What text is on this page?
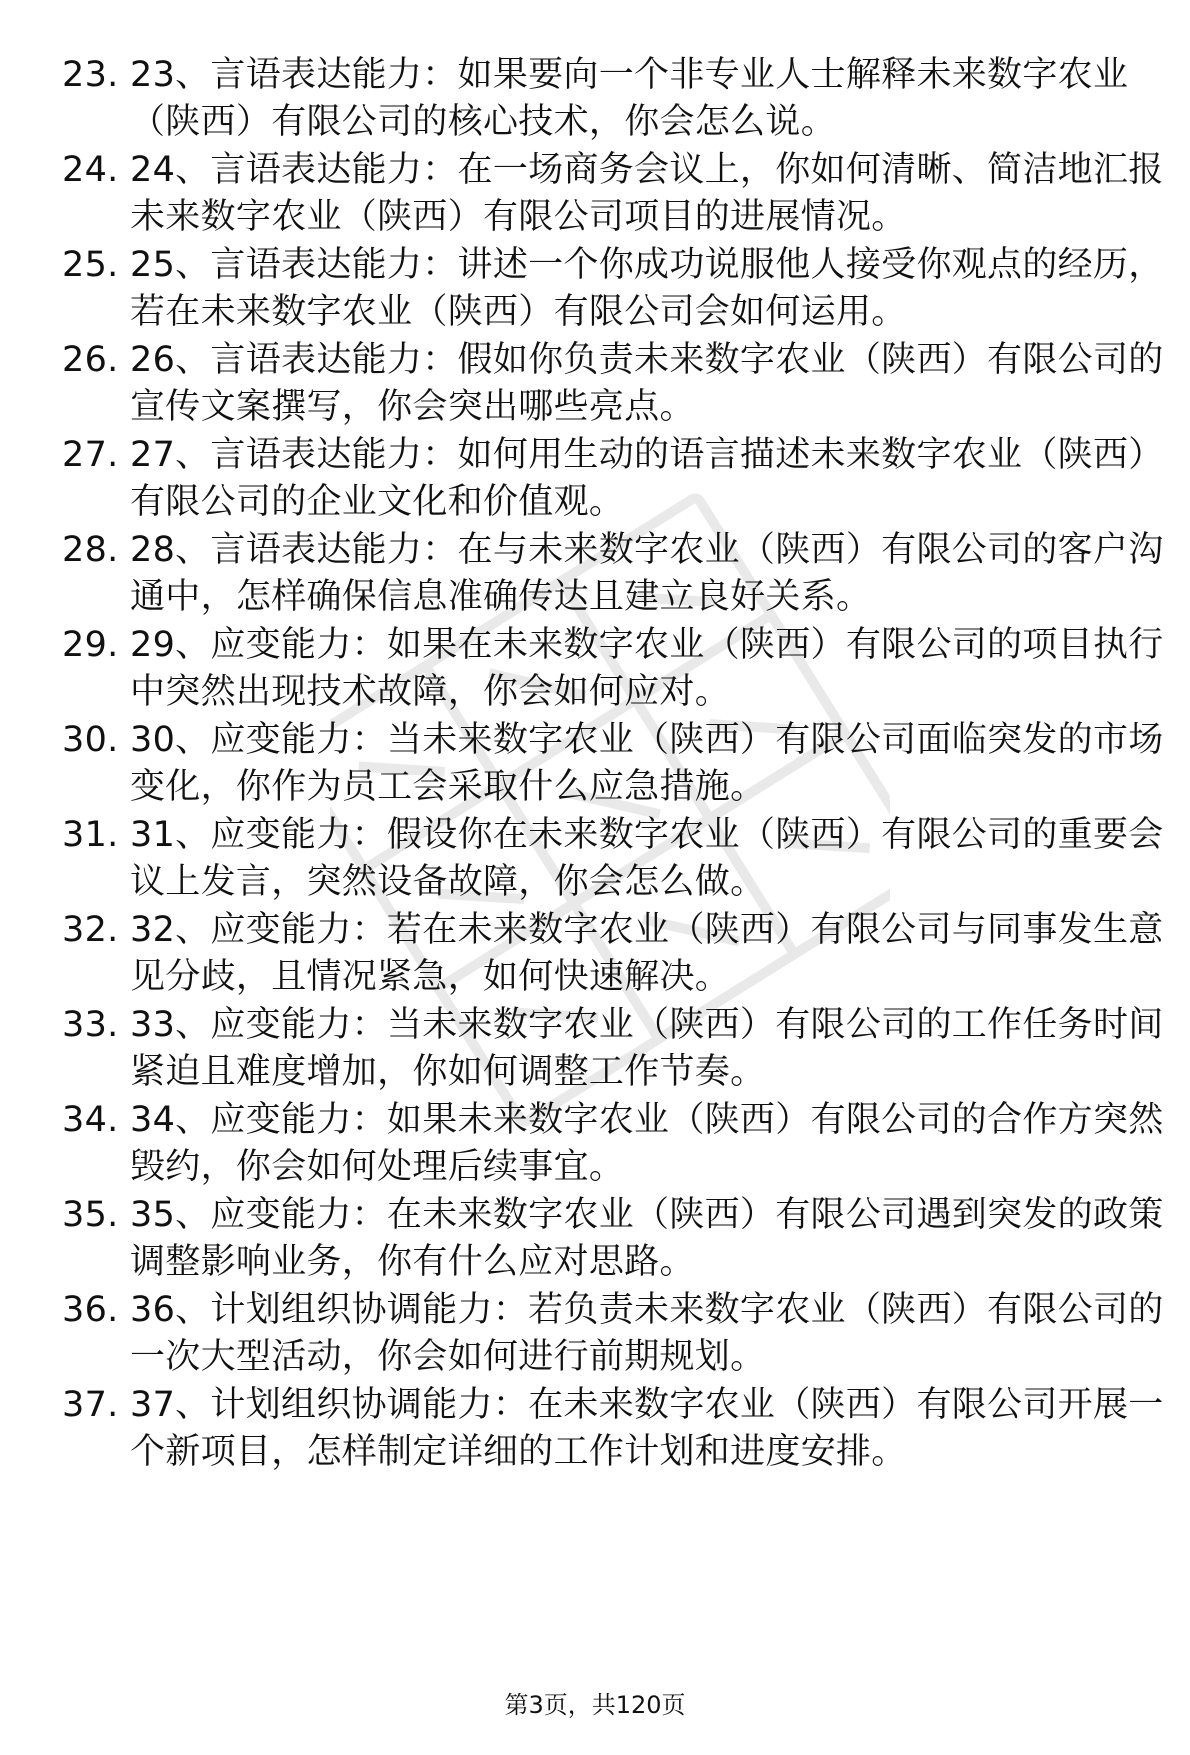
23. 23、言语表达能力：如果要向一个非专业人士解释未来数字农业（陕西）有限公司的核心技术，你会怎么说。
24. 24、言语表达能力：在一场商务会议上，你如何清晰、简洁地汇报未来数字农业（陕西）有限公司项目的进展情况。
25. 25、言语表达能力：讲述一个你成功说服他人接受你观点的经历，若在未来数字农业（陕西）有限公司会如何运用。
26. 26、言语表达能力：假如你负责未来数字农业（陕西）有限公司的宣传文案撰写，你会突出哪些亮点。
27. 27、言语表达能力：如何用生动的语言描述未来数字农业（陕西）有限公司的企业文化和价值观。
28. 28、言语表达能力：在与未来数字农业（陕西）有限公司的客户沟通中，怎样确保信息准确传达且建立良好关系。
29. 29、应变能力：如果在未来数字农业（陕西）有限公司的项目执行中突然出现技术故障，你会如何应对。
30. 30、应变能力：当未来数字农业（陕西）有限公司面临突发的市场变化，你作为员工会采取什么应急措施。
31. 31、应变能力：假设你在未来数字农业（陕西）有限公司的重要会议上发言，突然设备故障，你会怎么做。
32. 32、应变能力：若在未来数字农业（陕西）有限公司与同事发生意见分歧，且情况紧急，如何快速解决。
33. 33、应变能力：当未来数字农业（陕西）有限公司的工作任务时间紧迫且难度增加，你如何调整工作节奏。
34. 34、应变能力：如果未来数字农业（陕西）有限公司的合作方突然毁约，你会如何处理后续事宜。
35. 35、应变能力：在未来数字农业（陕西）有限公司遇到突发的政策调整影响业务，你有什么应对思路。
36. 36、计划组织协调能力：若负责未来数字农业（陕西）有限公司的一次大型活动，你会如何进行前期规划。
37. 37、计划组织协调能力：在未来数字农业（陕西）有限公司开展一个新项目，怎样制定详细的工作计划和进度安排。
第3页，共120页
